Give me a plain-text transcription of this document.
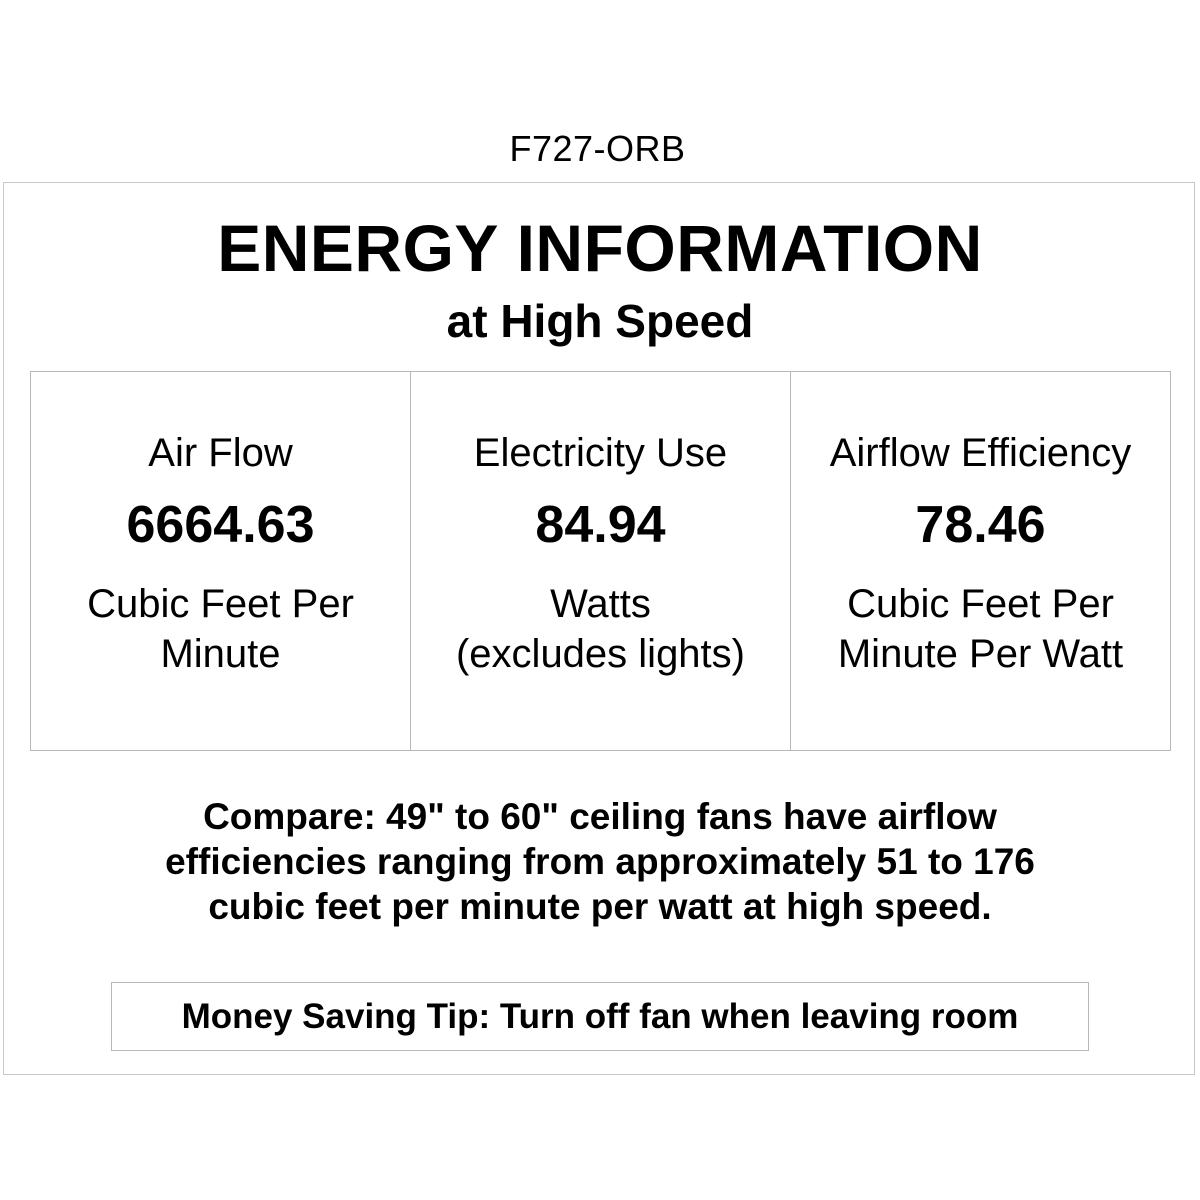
F727-ORB
ENERGY INFORMATION
at High Speed
Air Flow
6664.63
Cubic Feet Per
Minute
Electricity Use
84.94
Watts
(excludes lights)
Airflow Efficiency
78.46
Cubic Feet Per
Minute Per Watt
Compare: 49" to 60" ceiling fans have airflow
efficiencies ranging from approximately 51 to 176
cubic feet per minute per watt at high speed.
Money Saving Tip: Turn off fan when leaving room
